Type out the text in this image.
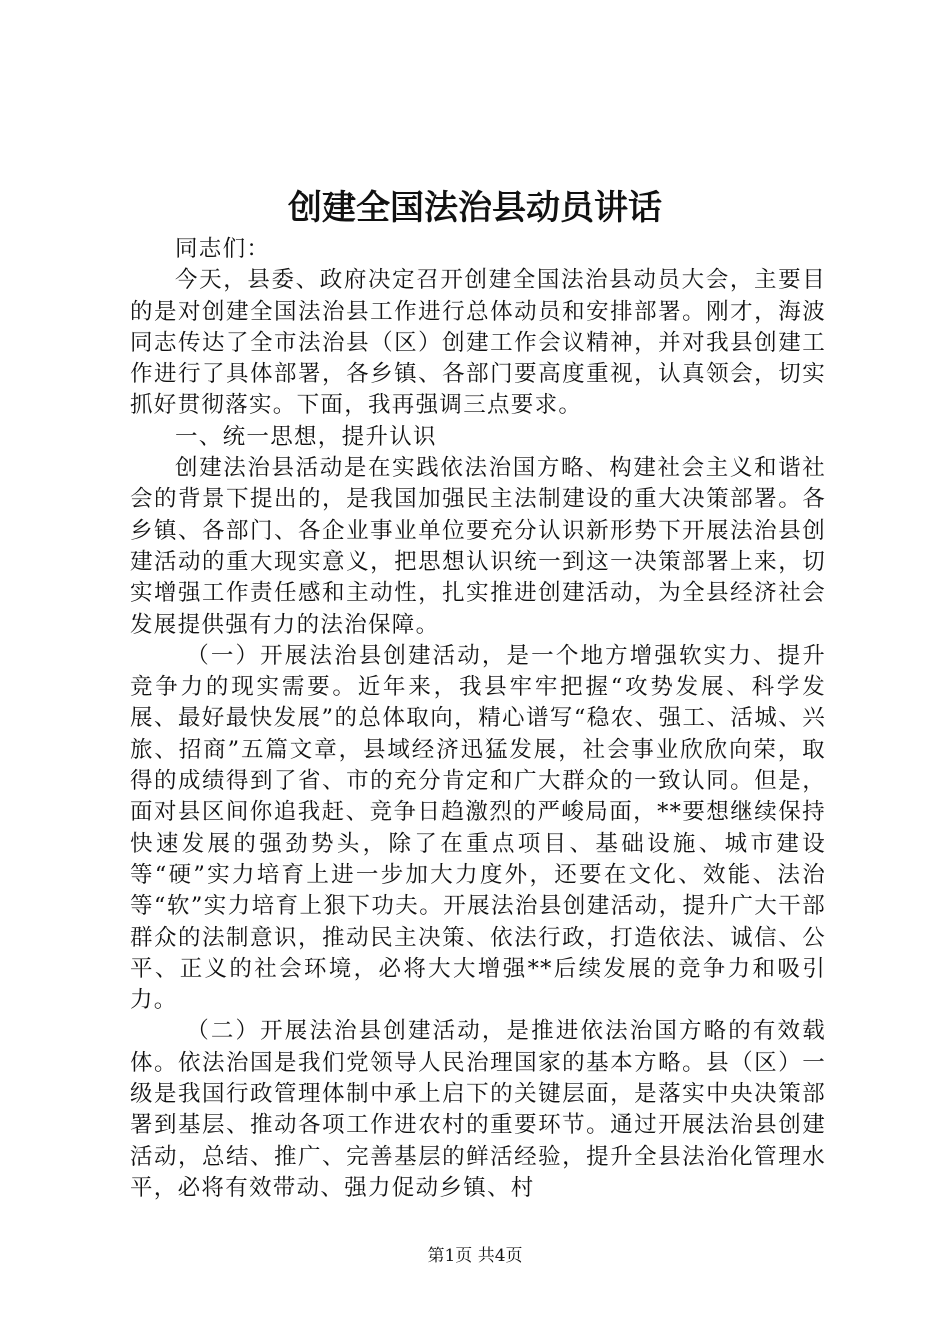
创建全国法治县动员讲话

同志们：

今天，县委、政府决定召开创建全国法治县动员大会，主要目的是对创建全国法治县工作进行总体动员和安排部署。刚才，海波同志传达了全市法治县（区）创建工作会议精神，并对我县创建工作进行了具体部署，各乡镇、各部门要高度重视，认真领会，切实抓好贯彻落实。下面，我再强调三点要求。

一、统一思想，提升认识

创建法治县活动是在实践依法治国方略、构建社会主义和谐社会的背景下提出的，是我国加强民主法制建设的重大决策部署。各乡镇、各部门、各企业事业单位要充分认识新形势下开展法治县创建活动的重大现实意义，把思想认识统一到这一决策部署上来，切实增强工作责任感和主动性，扎实推进创建活动，为全县经济社会发展提供强有力的法治保障。

（一）开展法治县创建活动，是一个地方增强软实力、提升竞争力的现实需要。近年来，我县牢牢把握“攻势发展、科学发展、最好最快发展”的总体取向，精心谱写“稳农、强工、活城、兴旅、招商”五篇文章，县域经济迅猛发展，社会事业欣欣向荣，取得的成绩得到了省、市的充分肯定和广大群众的一致认同。但是，面对县区间你追我赶、竞争日趋激烈的严峻局面，**要想继续保持快速发展的强劲势头，除了在重点项目、基础设施、城市建设等“硬”实力培育上进一步加大力度外，还要在文化、效能、法治等“软”实力培育上狠下功夫。开展法治县创建活动，提升广大干部群众的法制意识，推动民主决策、依法行政，打造依法、诚信、公平、正义的社会环境，必将大大增强**后续发展的竞争力和吸引力。

（二）开展法治县创建活动，是推进依法治国方略的有效载体。依法治国是我们党领导人民治理国家的基本方略。县（区）一级是我国行政管理体制中承上启下的关键层面，是落实中央决策部署到基层、推动各项工作进农村的重要环节。通过开展法治县创建活动，总结、推广、完善基层的鲜活经验，提升全县法治化管理水平，必将有效带动、强力促动乡镇、村

第1页 共4页
